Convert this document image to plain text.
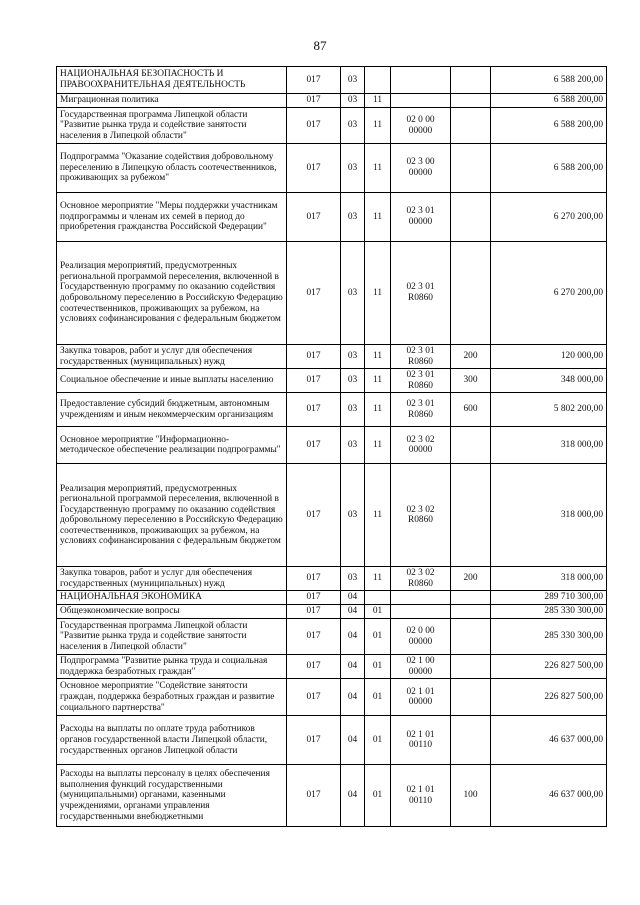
87
НАЦИОНАЛЬНАЯ БЕЗОПАСНОСТЬ И ПРАВООХРАНИТЕЛЬНАЯ ДЕЯТЕЛЬНОСТЬ	017	03				6 588 200,00
Миграционная политика	017	03	11			6 588 200,00
Государственная программа Липецкой области "Развитие рынка труда и содействие занятости населения в Липецкой области"	017	03	11	02 0 00 00000		6 588 200,00
Подпрограмма "Оказание содействия добровольному переселению в Липецкую область соотечественников, проживающих за рубежом"	017	03	11	02 3 00 00000		6 588 200,00
Основное мероприятие "Меры поддержки участникам подпрограммы и членам их семей в период до приобретения гражданства Российской Федерации"	017	03	11	02 3 01 00000		6 270 200,00
Реализация мероприятий, предусмотренных региональной программой переселения, включенной в Государственную программу по оказанию содействия добровольному переселению в Российскую Федерацию соотечественников, проживающих за рубежом, на условиях софинансирования с федеральным бюджетом	017	03	11	02 3 01 R0860		6 270 200,00
Закупка товаров, работ и услуг для обеспечения государственных (муниципальных) нужд	017	03	11	02 3 01 R0860	200	120 000,00
Социальное обеспечение и иные выплаты населению	017	03	11	02 3 01 R0860	300	348 000,00
Предоставление субсидий бюджетным, автономным учреждениям и иным некоммерческим организациям	017	03	11	02 3 01 R0860	600	5 802 200,00
Основное мероприятие "Информационно-методическое обеспечение реализации подпрограммы"	017	03	11	02 3 02 00000		318 000,00
Реализация мероприятий, предусмотренных региональной программой переселения, включенной в Государственную программу по оказанию содействия добровольному переселению в Российскую Федерацию соотечественников, проживающих за рубежом, на условиях софинансирования с федеральным бюджетом	017	03	11	02 3 02 R0860		318 000,00
Закупка товаров, работ и услуг для обеспечения государственных (муниципальных) нужд	017	03	11	02 3 02 R0860	200	318 000,00
НАЦИОНАЛЬНАЯ ЭКОНОМИКА	017	04				289 710 300,00
Общеэкономические вопросы	017	04	01			285 330 300,00
Государственная программа Липецкой области "Развитие рынка труда и содействие занятости населения в Липецкой области"	017	04	01	02 0 00 00000		285 330 300,00
Подпрограмма "Развитие рынка труда и социальная поддержка безработных граждан"	017	04	01	02 1 00 00000		226 827 500,00
Основное мероприятие "Содействие занятости граждан, поддержка безработных граждан и развитие социального партнерства"	017	04	01	02 1 01 00000		226 827 500,00
Расходы на выплаты по оплате труда работников органов государственной власти Липецкой области, государственных органов Липецкой области	017	04	01	02 1 01 00110		46 637 000,00
Расходы на выплаты персоналу в целях обеспечения выполнения функций государственными (муниципальными) органами, казенными учреждениями, органами управления государственными внебюджетными	017	04	01	02 1 01 00110	100	46 637 000,00
